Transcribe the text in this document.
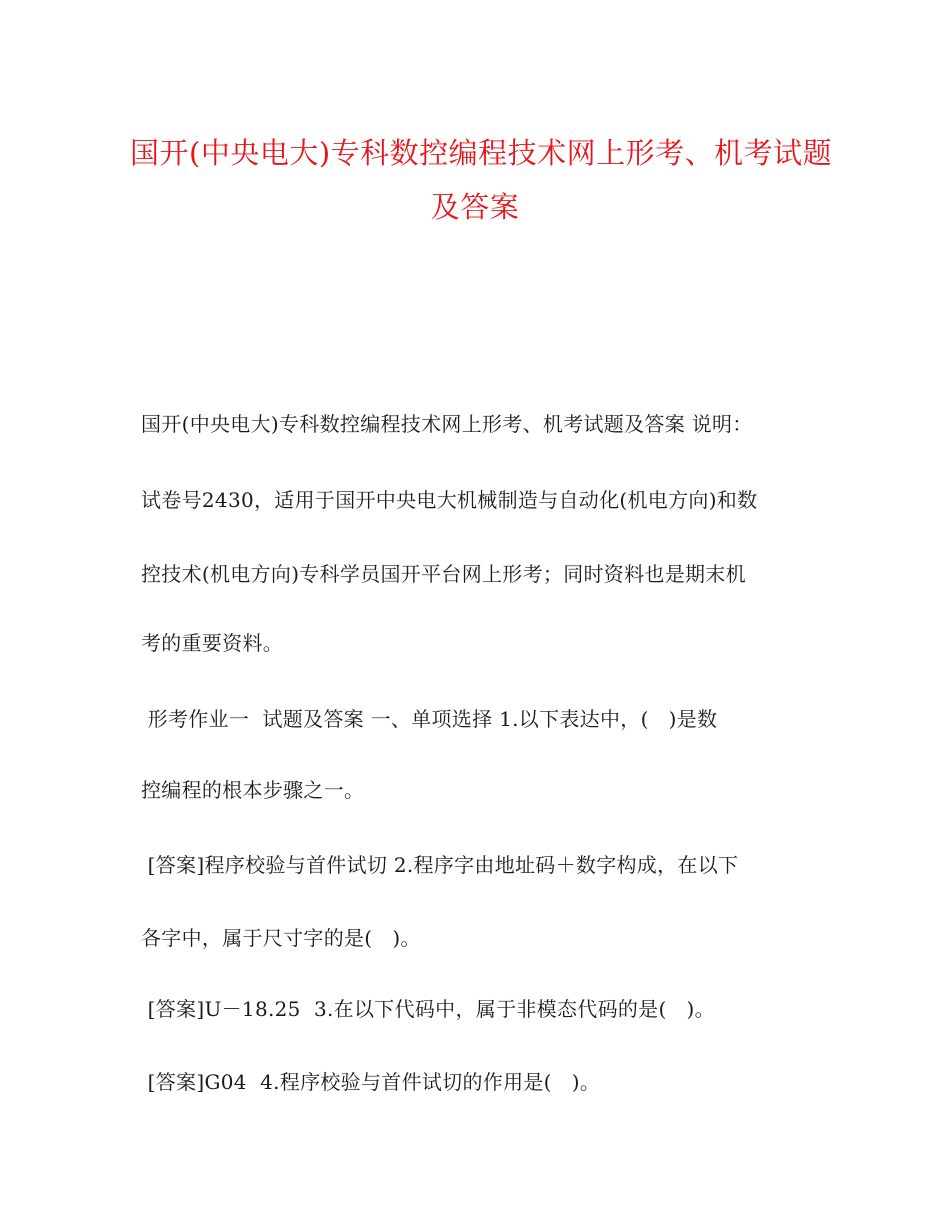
国开(中央电大)专科数控编程技术网上形考、机考试题
及答案
国开(中央电大)专科数控编程技术网上形考、机考试题及答案 说明：
试卷号2430，适用于国开中央电大机械制造与自动化(机电方向)和数
控技术(机电方向)专科学员国开平台网上形考；同时资料也是期末机
考的重要资料。
形考作业一  试题及答案 一、单项选择 1.以下表达中，(   )是数
控编程的根本步骤之一。
[答案]程序校验与首件试切 2.程序字由地址码＋数字构成，在以下
各字中，属于尺寸字的是(   )。
[答案]U－18.25  3.在以下代码中，属于非模态代码的是(   )。
[答案]G04  4.程序校验与首件试切的作用是(   )。
